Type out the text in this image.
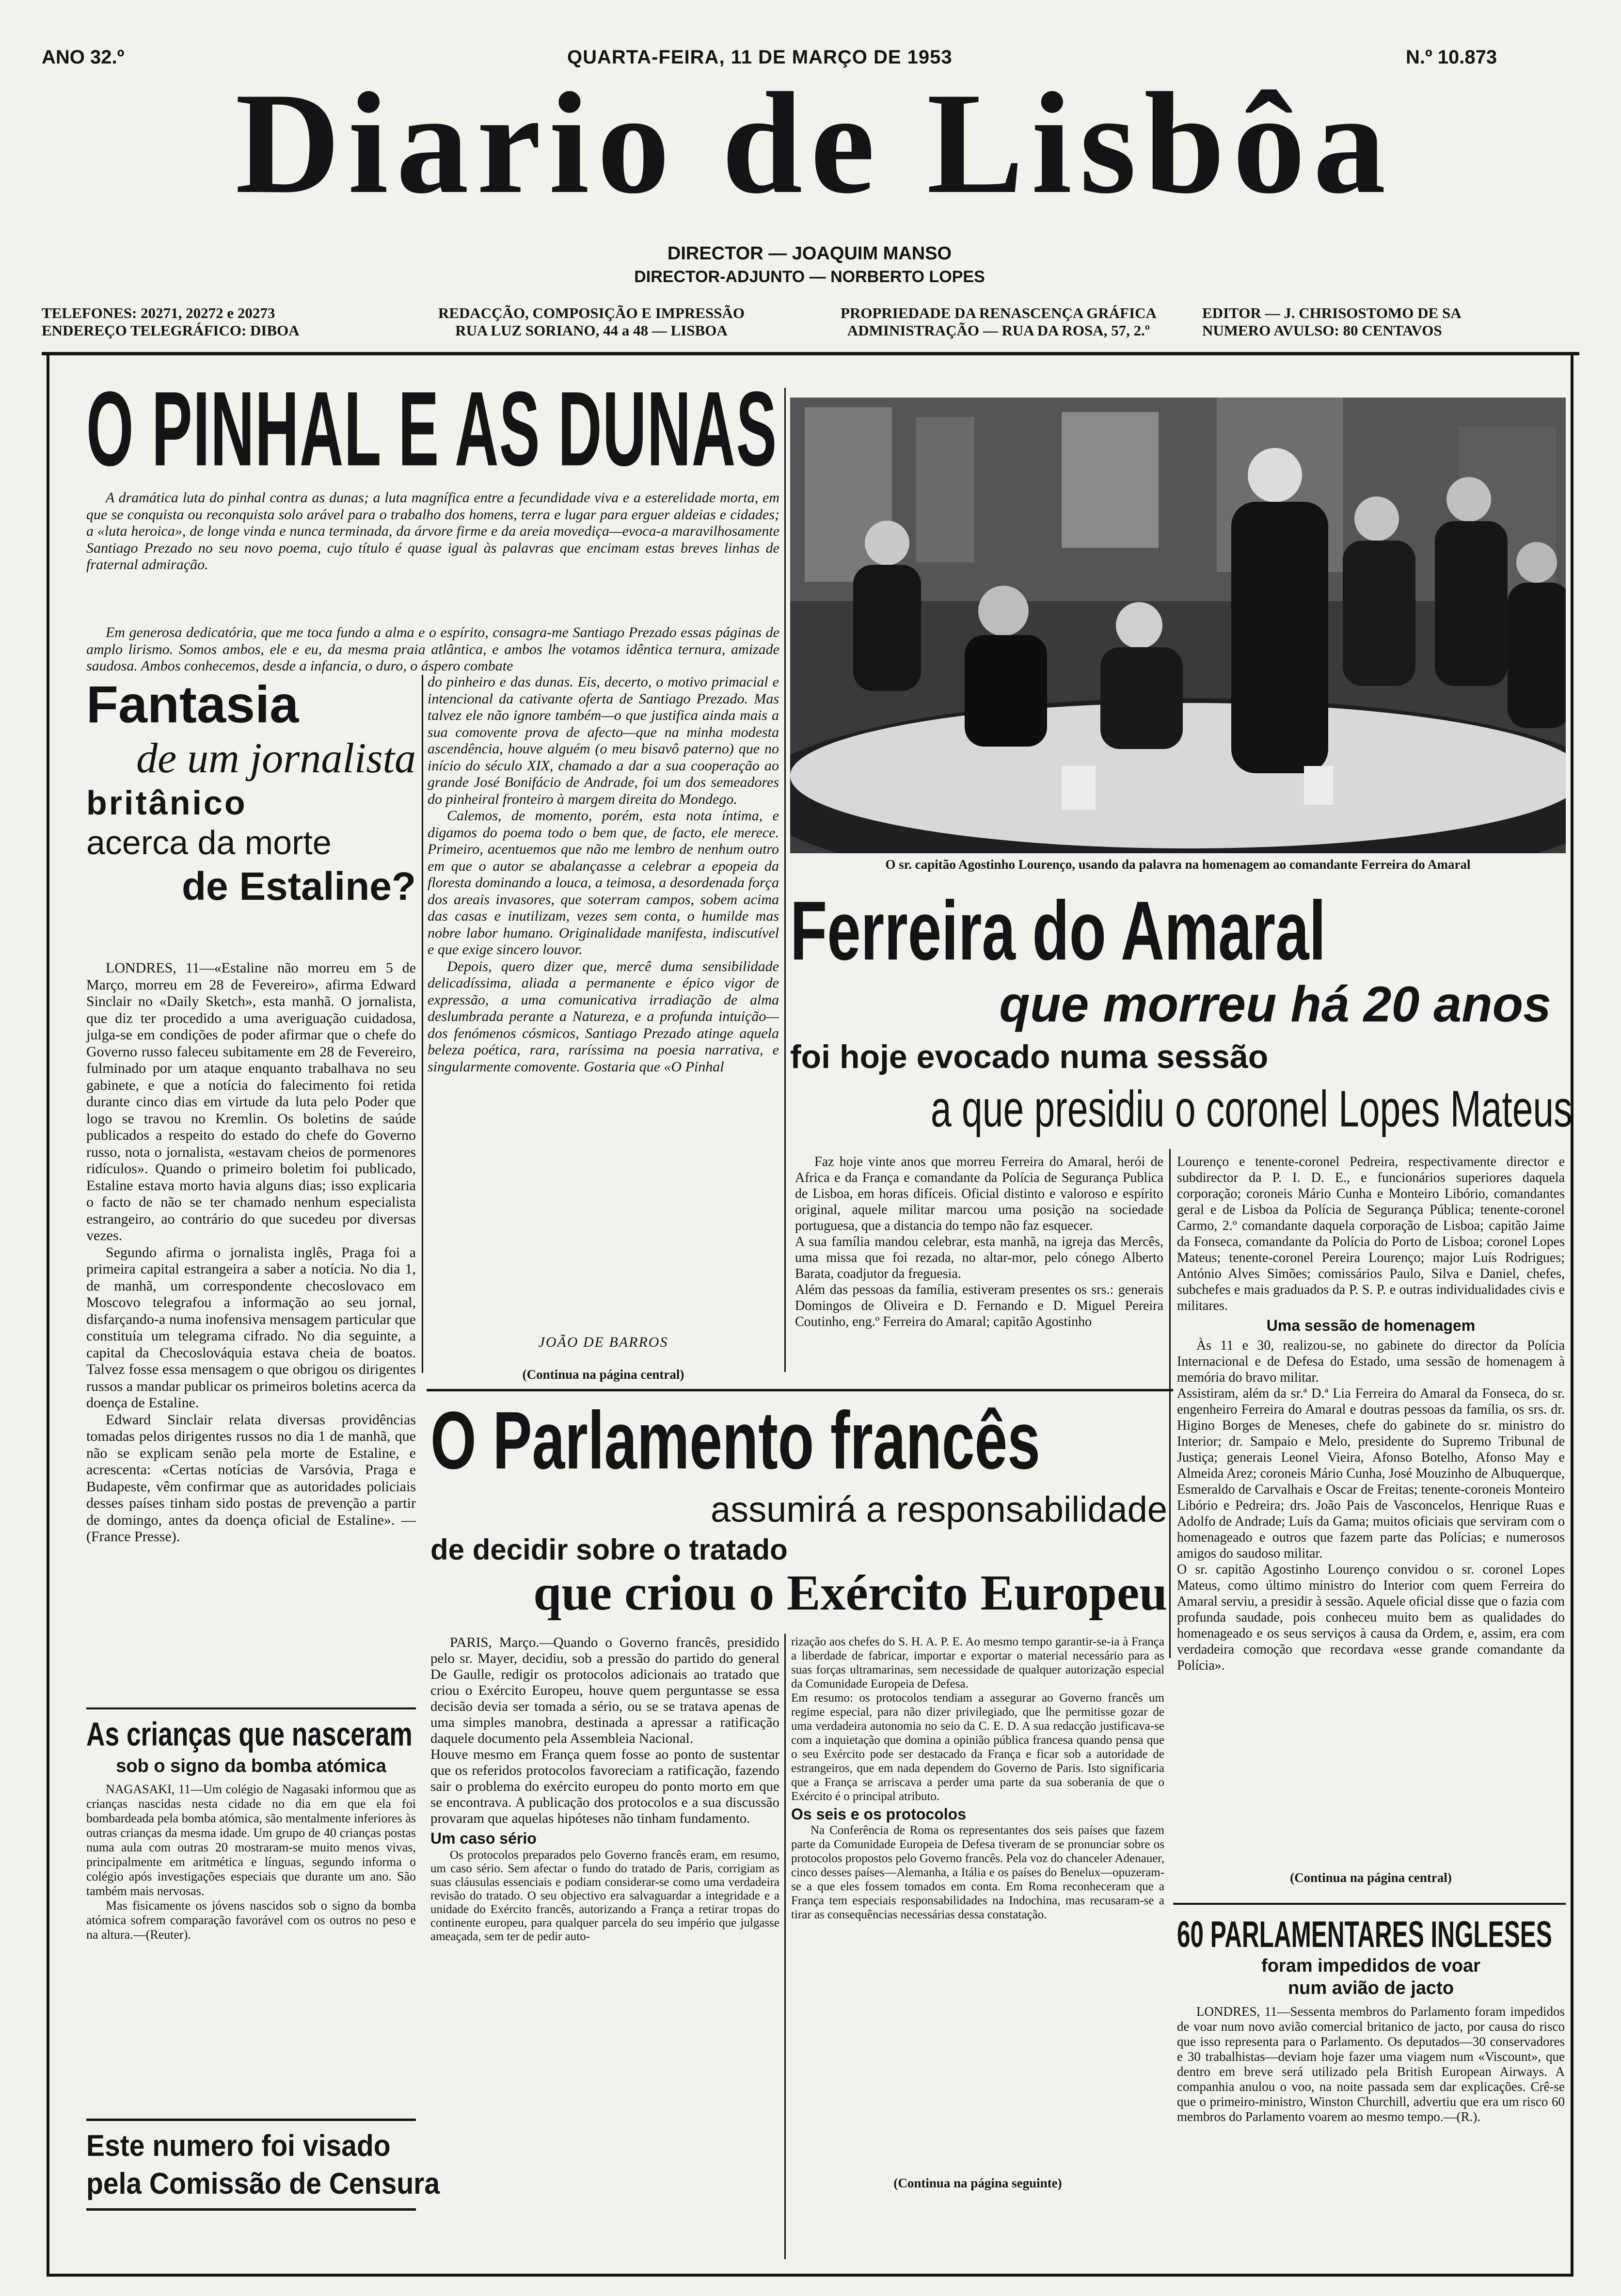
ANO 32.º	QUARTA-FEIRA, 11 DE MARÇO DE 1953	N.º 10.873
Diario de Lisbôa
DIRECTOR — JOAQUIM MANSO
DIRECTOR-ADJUNTO — NORBERTO LOPES
TELEFONES: 20271, 20272 e 20273
ENDEREÇO TELEGRÁFICO: DIBOA
REDACÇÃO, COMPOSIÇÃO E IMPRESSÃO
RUA LUZ SORIANO, 44 a 48 — LISBOA
PROPRIEDADE DA RENASCENÇA GRÁFICA
ADMINISTRAÇÃO — RUA DA ROSA, 57, 2.º
EDITOR — J. CHRISOSTOMO DE SA
NUMERO AVULSO: 80 CENTAVOS
O PINHAL E AS DUNAS

A dramática luta do pinhal contra as dunas; a luta magnífica entre a fecundidade viva e a esterelidade morta, em que se conquista ou reconquista solo arável para o trabalho dos homens, terra e lugar para erguer aldeias e cidades; a «luta heroica», de longe vinda e nunca terminada, da árvore firme e da areia movediça—evoca-a maravilhosamente Santiago Prezado no seu novo poema, cujo título é quase igual às palavras que encimam estas breves linhas de fraternal admiração.

Em generosa dedicatória, que me toca fundo a alma e o espírito, consagra-me Santiago Prezado essas páginas de amplo lirismo. Somos ambos, ele e eu, da mesma praia atlântica, e ambos lhe votamos idêntica ternura, amizade saudosa. Ambos conhecemos, desde a infancia, o duro, o áspero combate

do pinheiro e das dunas. Eis, decerto, o motivo primacial e intencional da cativante oferta de Santiago Prezado. Mas talvez ele não ignore também—o que justifica ainda mais a sua comovente prova de afecto—que na minha modesta ascendência, houve alguém (o meu bisavô paterno) que no início do século XIX, chamado a dar a sua cooperação ao grande José Bonifácio de Andrade, foi um dos semeadores do pinheiral fronteiro à margem direita do Mondego.

Calemos, de momento, porém, esta nota íntima, e digamos do poema todo o bem que, de facto, ele merece. Primeiro, acentuemos que não me lembro de nenhum outro em que o autor se abalançasse a celebrar a epopeia da floresta dominando a louca, a teimosa, a desordenada força dos areais invasores, que soterram campos, sobem acima das casas e inutilizam, vezes sem conta, o humilde mas nobre labor humano. Originalidade manifesta, indiscutível e que exige sincero louvor.

Depois, quero dizer que, mercê duma sensibilidade delicadíssima, aliada a permanente e épico vigor de expressão, a uma comunicativa irradiação de alma deslumbrada perante a Natureza, e a profunda intuição—dos fenómenos cósmicos, Santiago Prezado atinge aquela beleza poética, rara, raríssima na poesia narrativa, e singularmente comovente. Gostaria que «O Pinhal

JOÃO DE BARROS
(Continua na página central)
Fantasia
de um jornalista
britânico
acerca da morte
de Estaline?

LONDRES, 11—«Estaline não morreu em 5 de Março, morreu em 28 de Fevereiro», afirma Edward Sinclair no «Daily Sketch», esta manhã. O jornalista, que diz ter procedido a uma averiguação cuidadosa, julga-se em condições de poder afirmar que o chefe do Governo russo faleceu subitamente em 28 de Fevereiro, fulminado por um ataque enquanto trabalhava no seu gabinete, e que a notícia do falecimento foi retida durante cinco dias em virtude da luta pelo Poder que logo se travou no Kremlin. Os boletins de saúde publicados a respeito do estado do chefe do Governo russo, nota o jornalista, «estavam cheios de pormenores ridículos». Quando o primeiro boletim foi publicado, Estaline estava morto havia alguns dias; isso explicaria o facto de não se ter chamado nenhum especialista estrangeiro, ao contrário do que sucedeu por diversas vezes.

Segundo afirma o jornalista inglês, Praga foi a primeira capital estrangeira a saber a notícia. No dia 1, de manhã, um correspondente checoslovaco em Moscovo telegrafou a informação ao seu jornal, disfarçando-a numa inofensiva mensagem particular que constituía um telegrama cifrado. No dia seguinte, a capital da Checoslováquia estava cheia de boatos. Talvez fosse essa mensagem o que obrigou os dirigentes russos a mandar publicar os primeiros boletins acerca da doença de Estaline.

Edward Sinclair relata diversas providências tomadas pelos dirigentes russos no dia 1 de manhã, que não se explicam senão pela morte de Estaline, e acrescenta: «Certas notícias de Varsóvia, Praga e Budapeste, vêm confirmar que as autoridades policiais desses países tinham sido postas de prevenção a partir de domingo, antes da doença oficial de Estaline». — (France Presse).

As crianças que nasceram
sob o signo da bomba atómica

NAGASAKI, 11—Um colégio de Nagasaki informou que as crianças nascidas nesta cidade no dia em que ela foi bombardeada pela bomba atómica, são mentalmente inferiores às outras crianças da mesma idade. Um grupo de 40 crianças postas numa aula com outras 20 mostraram-se muito menos vivas, principalmente em aritmética e línguas, segundo informa o colégio após investigações especiais que durante um ano. São também mais nervosas.

Mas fisicamente os jóvens nascidos sob o signo da bomba atómica sofrem comparação favorável com os outros no peso e na altura.—(Reuter).

Este numero foi visado
pela Comissão de Censura
O sr. capitão Agostinho Lourenço, usando da palavra na homenagem ao comandante Ferreira do Amaral
Ferreira do Amaral
que morreu há 20 anos
foi hoje evocado numa sessão
a que presidiu o coronel Lopes Mateus

Faz hoje vinte anos que morreu Ferreira do Amaral, herói de Africa e da França e comandante da Polícia de Segurança Publica de Lisboa, em horas difíceis. Oficial distinto e valoroso e espírito original, aquele militar marcou uma posição na sociedade portuguesa, que a distancia do tempo não faz esquecer.
A sua família mandou celebrar, esta manhã, na igreja das Mercês, uma missa que foi rezada, no altar-mor, pelo cónego Alberto Barata, coadjutor da freguesia.
Além das pessoas da família, estiveram presentes os srs.: generais Domingos de Oliveira e D. Fernando e D. Miguel Pereira Coutinho, eng.º Ferreira do Amaral; capitão Agostinho

Lourenço e tenente-coronel Pedreira, respectivamente director e subdirector da P. I. D. E., e funcionários superiores daquela corporação; coroneis Mário Cunha e Monteiro Libório, comandantes geral e de Lisboa da Polícia de Segurança Pública; tenente-coronel Carmo, 2.º comandante daquela corporação de Lisboa; capitão Jaime da Fonseca, comandante da Polícia do Porto de Lisboa; coronel Lopes Mateus; tenente-coronel Pereira Lourenço; major Luís Rodrigues; António Alves Simões; comissários Paulo, Silva e Daniel, chefes, subchefes e mais graduados da P. S. P. e outras individualidades civis e militares.

Uma sessão de homenagem

Às 11 e 30, realizou-se, no gabinete do director da Polícia Internacional e de Defesa do Estado, uma sessão de homenagem à memória do bravo militar.
Assistiram, além da sr.ª D.ª Lia Ferreira do Amaral da Fonseca, do sr. engenheiro Ferreira do Amaral e doutras pessoas da família, os srs. dr. Higino Borges de Meneses, chefe do gabinete do sr. ministro do Interior; dr. Sampaio e Melo, presidente do Supremo Tribunal de Justiça; generais Leonel Vieira, Afonso Botelho, Afonso May e Almeida Arez; coroneis Mário Cunha, José Mouzinho de Albuquerque, Esmeraldo de Carvalhais e Oscar de Freitas; tenente-coroneis Monteiro Libório e Pedreira; drs. João Pais de Vasconcelos, Henrique Ruas e Adolfo de Andrade; Luís da Gama; muitos oficiais que serviram com o homenageado e outros que fazem parte das Polícias; e numerosos amigos do saudoso militar.
O sr. capitão Agostinho Lourenço convidou o sr. coronel Lopes Mateus, como último ministro do Interior com quem Ferreira do Amaral serviu, a presidir à sessão. Aquele oficial disse que o fazia com profunda saudade, pois conheceu muito bem as qualidades do homenageado e os seus serviços à causa da Ordem, e, assim, era com verdadeira comoção que recordava «esse grande comandante da Polícia».

(Continua na página central)
O Parlamento francês
assumirá a responsabilidade
de decidir sobre o tratado
que criou o Exército Europeu

PARIS, Março.—Quando o Governo francês, presidido pelo sr. Mayer, decidiu, sob a pressão do partido do general De Gaulle, redigir os protocolos adicionais ao tratado que criou o Exército Europeu, houve quem perguntasse se essa decisão devia ser tomada a sério, ou se se tratava apenas de uma simples manobra, destinada a apressar a ratificação daquele documento pela Assembleia Nacional.
Houve mesmo em França quem fosse ao ponto de sustentar que os referidos protocolos favoreciam a ratificação, fazendo sair o problema do exército europeu do ponto morto em que se encontrava. A publicação dos protocolos e a sua discussão provaram que aquelas hipóteses não tinham fundamento.

Um caso sério

Os protocolos preparados pelo Governo francês eram, em resumo, um caso sério. Sem afectar o fundo do tratado de Paris, corrigiam as suas cláusulas essenciais e podiam considerar-se como uma verdadeira revisão do tratado. O seu objectivo era salvaguardar a integridade e a unidade do Exército francês, autorizando a França a retirar tropas do continente europeu, para qualquer parcela do seu império que julgasse ameaçada, sem ter de pedir auto-

rização aos chefes do S. H. A. P. E. Ao mesmo tempo garantir-se-ia à França a liberdade de fabricar, importar e exportar o material necessário para as suas forças ultramarinas, sem necessidade de qualquer autorização especial da Comunidade Europeia de Defesa.
Em resumo: os protocolos tendiam a assegurar ao Governo francês um regime especial, para não dizer privilegiado, que lhe permitisse gozar de uma verdadeira autonomia no seio da C. E. D. A sua redacção justificava-se com a inquietação que domina a opinião pública francesa quando pensa que o seu Exército pode ser destacado da França e ficar sob a autoridade de estrangeiros, que em nada dependem do Governo de Paris. Isto significaria que a França se arriscava a perder uma parte da sua soberania de que o Exército é o principal atributo.

Os seis e os protocolos

Na Conferência de Roma os representantes dos seis países que fazem parte da Comunidade Europeia de Defesa tiveram de se pronunciar sobre os protocolos propostos pelo Governo francês. Pela voz do chanceler Adenauer, cinco desses países—Alemanha, a Itália e os países do Benelux—opuzeram-se a que eles fossem tomados em conta. Em Roma reconheceram que a França tem especiais responsabilidades na Indochina, mas recusaram-se a tirar as consequências necessárias dessa constatação.

(Continua na página seguinte)
60 PARLAMENTARES INGLESES
foram impedidos de voar
num avião de jacto

LONDRES, 11—Sessenta membros do Parlamento foram impedidos de voar num novo avião comercial britanico de jacto, por causa do risco que isso representa para o Parlamento. Os deputados—30 conservadores e 30 trabalhistas—deviam hoje fazer uma viagem num «Viscount», que dentro em breve será utilizado pela British European Airways. A companhia anulou o voo, na noite passada sem dar explicações. Crê-se que o primeiro-ministro, Winston Churchill, advertiu que era um risco 60 membros do Parlamento voarem ao mesmo tempo.—(R.).
